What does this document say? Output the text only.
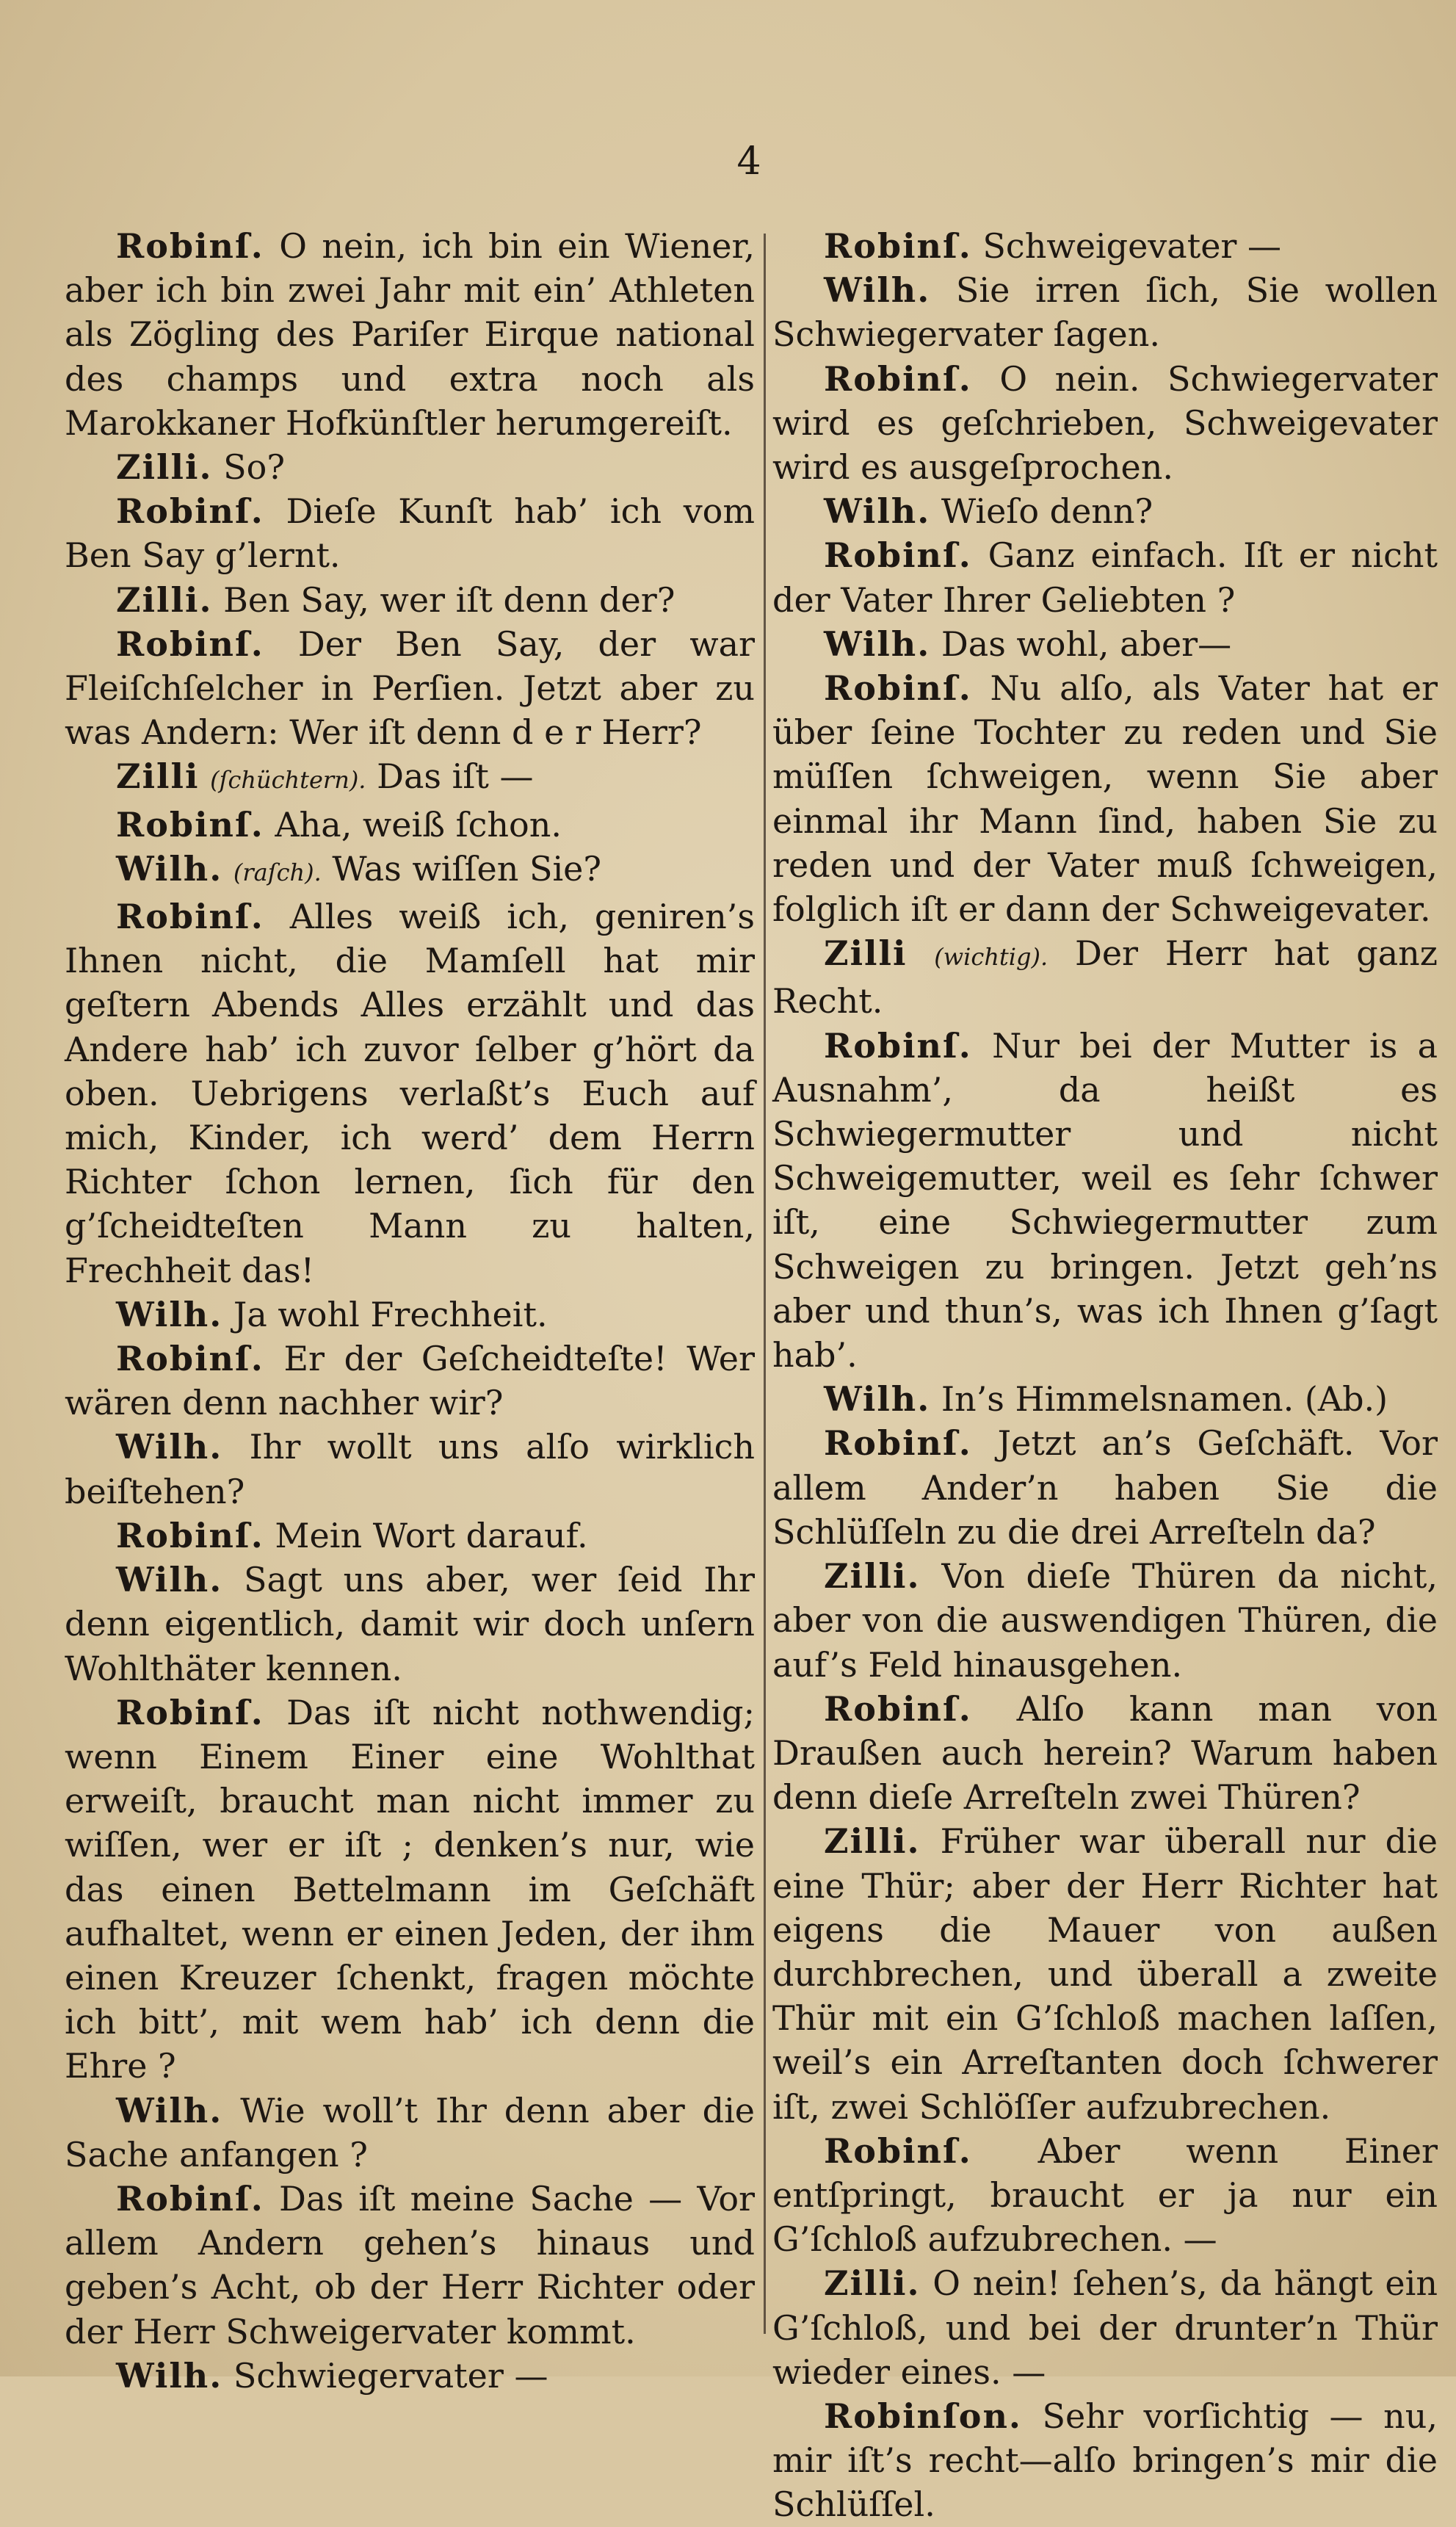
4

Robinſ. O nein, ich bin ein Wiener, aber ich bin zwei Jahr mit ein’ Athleten als Zögling des Pariſer Eirque national des champs und extra noch als Marokkaner Hofkünſtler herumgereiſt.

Zilli. So?

Robinſ. Dieſe Kunſt hab’ ich vom Ben Say g’lernt.

Zilli. Ben Say, wer iſt denn der?

Robinſ. Der Ben Say, der war Fleiſchſelcher in Perſien. Jetzt aber zu was Andern: Wer iſt denn d e r Herr?

Zilli (ſchüchtern). Das iſt —

Robinſ. Aha, weiß ſchon.

Wilh. (raſch). Was wiſſen Sie?

Robinſ. Alles weiß ich, geniren’s Ihnen nicht, die Mamſell hat mir geſtern Abends Alles erzählt und das Andere hab’ ich zuvor ſelber g’hört da oben. Uebrigens verlaßt’s Euch auf mich, Kinder, ich werd’ dem Herrn Richter ſchon lernen, ſich für den g’ſcheidteſten Mann zu halten, Frechheit das!

Wilh. Ja wohl Frechheit.

Robinſ. Er der Geſcheidteſte! Wer wären denn nachher wir?

Wilh. Ihr wollt uns alſo wirklich beiſtehen?

Robinſ. Mein Wort darauf.

Wilh. Sagt uns aber, wer ſeid Ihr denn eigentlich, damit wir doch unſern Wohlthäter kennen.

Robinſ. Das iſt nicht nothwendig; wenn Einem Einer eine Wohlthat erweiſt, braucht man nicht immer zu wiſſen, wer er iſt ; denken’s nur, wie das einen Bettelmann im Geſchäft aufhaltet, wenn er einen Jeden, der ihm einen Kreuzer ſchenkt, fragen möchte ich bitt’, mit wem hab’ ich denn die Ehre ?

Wilh. Wie woll’t Ihr denn aber die Sache anfangen ?

Robinſ. Das iſt meine Sache — Vor allem Andern gehen’s hinaus und geben’s Acht, ob der Herr Richter oder der Herr Schweigervater kommt.

Wilh. Schwiegervater —

Robinſ. Schweigevater —

Wilh. Sie irren ſich, Sie wollen Schwiegervater ſagen.

Robinſ. O nein. Schwiegervater wird es geſchrieben, Schweigevater wird es ausgeſprochen.

Wilh. Wieſo denn?

Robinſ. Ganz einfach. Iſt er nicht der Vater Ihrer Geliebten ?

Wilh. Das wohl, aber—

Robinſ. Nu alſo, als Vater hat er über ſeine Tochter zu reden und Sie müſſen ſchweigen, wenn Sie aber einmal ihr Mann ſind, haben Sie zu reden und der Vater muß ſchweigen, folglich iſt er dann der Schweigevater.

Zilli (wichtig). Der Herr hat ganz Recht.

Robinſ. Nur bei der Mutter is a Ausnahm’, da heißt es Schwiegermutter und nicht Schweigemutter, weil es ſehr ſchwer iſt, eine Schwiegermutter zum Schweigen zu bringen. Jetzt geh’ns aber und thun’s, was ich Ihnen g’ſagt hab’.

Wilh. In’s Himmelsnamen. (Ab.)

Robinſ. Jetzt an’s Geſchäft. Vor allem Ander’n haben Sie die Schlüſſeln zu die drei Arreſteln da?

Zilli. Von dieſe Thüren da nicht, aber von die auswendigen Thüren, die auf’s Feld hinausgehen.

Robinſ. Alſo kann man von Draußen auch herein? Warum haben denn dieſe Arreſteln zwei Thüren?

Zilli. Früher war überall nur die eine Thür; aber der Herr Richter hat eigens die Mauer von außen durchbrechen, und überall a zweite Thür mit ein G’ſchloß machen laſſen, weil’s ein Arreſtanten doch ſchwerer iſt, zwei Schlöſſer aufzubrechen.

Robinſ. Aber wenn Einer entſpringt, braucht er ja nur ein G’ſchloß aufzubrechen. —

Zilli. O nein! ſehen’s, da hängt ein G’ſchloß, und bei der drunter’n Thür wieder eines. —

Robinſon. Sehr vorſichtig — nu, mir iſt’s recht—alſo bringen’s mir die Schlüſſel.
